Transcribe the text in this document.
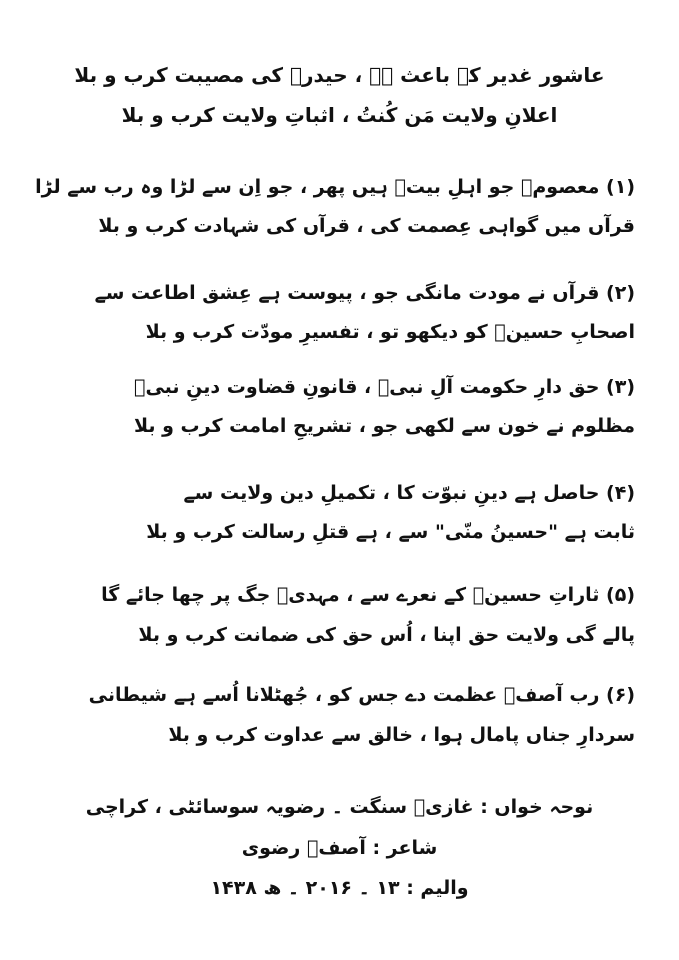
عاشور غدیر کے باعث ہے ، حیدرؑ کی مصیبت کرب و بلا
اعلانِ ولایت مَن کُنتُ ، اثباتِ ولایت کرب و بلا
(۱) معصومؑ جو اہلِ بیتؑ ہیں پھر ، جو اِن سے لڑا وہ رب سے لڑا
قرآں میں گواہی عِصمت کی ، قرآں کی شہادت کرب و بلا
(۲) قرآں نے مودت مانگی جو ، پیوست ہے عِشق اطاعت سے
اصحابِ حسینؑ کو دیکھو تو ، تفسیرِ مودّت کرب و بلا
(۳) حق دارِ حکومت آلِ نبیؐ ، قانونِ قضاوت دینِ نبیؐ
مظلوم نے خون سے لکھی جو ، تشریحِ امامت کرب و بلا
(۴) حاصل ہے دینِ نبوّت کا ، تکمیلِ دین ولایت سے
ثابت ہے "حسینُ منّی" سے ، ہے قتلِ رسالت کرب و بلا
(۵) ثاراتِ حسینؑ کے نعرے سے ، مہدیؑ جگ پر چھا جائے گا
پالے گی ولایت حق اپنا ، اُس حق کی ضمانت کرب و بلا
(۶) رب آصفؔ عظمت دے جس کو ، جُھٹلانا اُسے ہے شیطانی
سردارِ جناں پامال ہوا ، خالق سے عداوت کرب و بلا
نوحہ خواں : غازیؑ سنگت ۔ رضویہ سوسائٹی ، کراچی
شاعر : آصفؔ رضوی
والیم : ۱۳ ۔ ۲۰۱۶ ۔ ھ ۱۴۳۸
